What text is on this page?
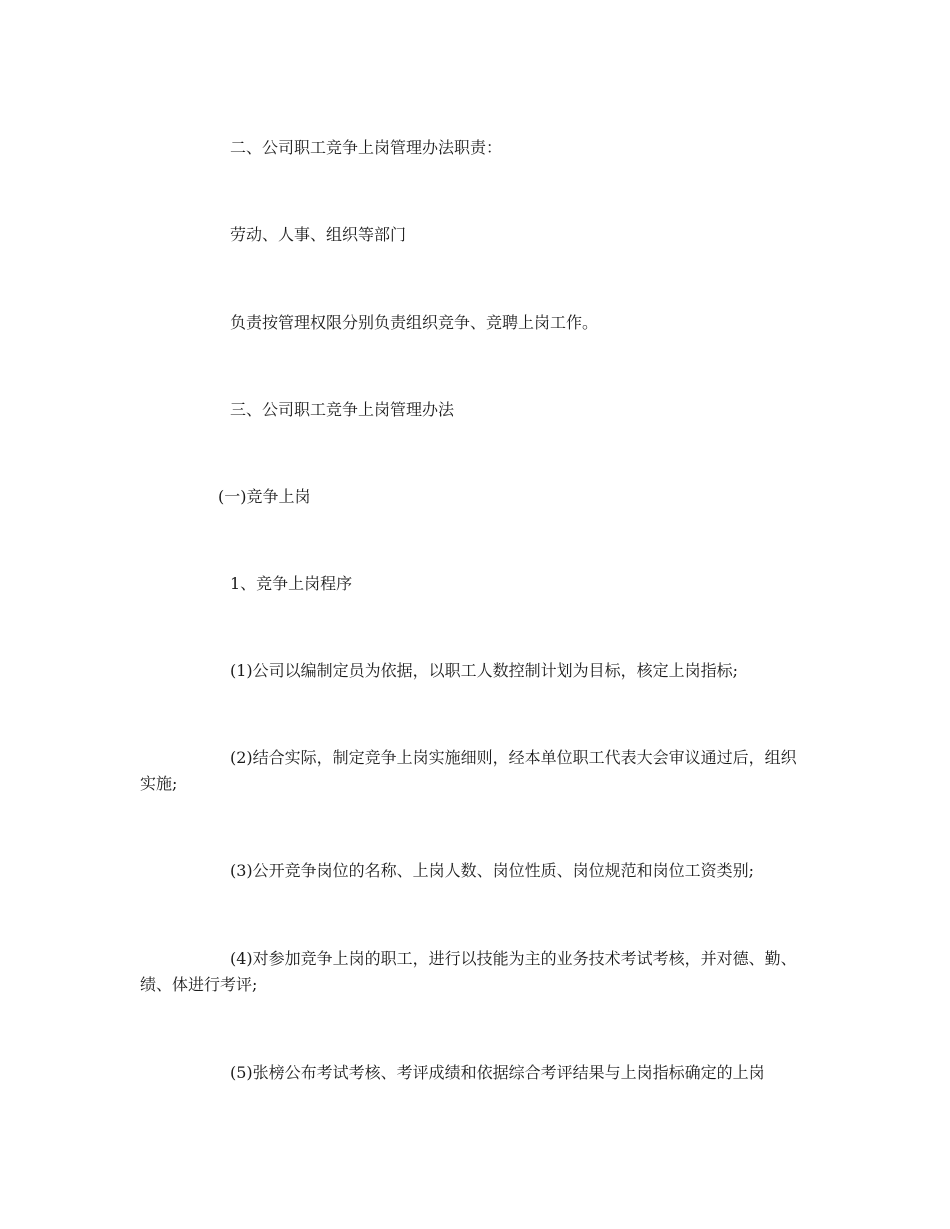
二、公司职工竞争上岗管理办法职责：

劳动、人事、组织等部门

负责按管理权限分别负责组织竞争、竞聘上岗工作。

三、公司职工竞争上岗管理办法

(一)竞争上岗

1、竞争上岗程序

(1)公司以编制定员为依据，以职工人数控制计划为目标，核定上岗指标;

(2)结合实际，制定竞争上岗实施细则，经本单位职工代表大会审议通过后，组织实施;

(3)公开竞争岗位的名称、上岗人数、岗位性质、岗位规范和岗位工资类别;

(4)对参加竞争上岗的职工，进行以技能为主的业务技术考试考核，并对德、勤、绩、体进行考评;

(5)张榜公布考试考核、考评成绩和依据综合考评结果与上岗指标确定的上岗
